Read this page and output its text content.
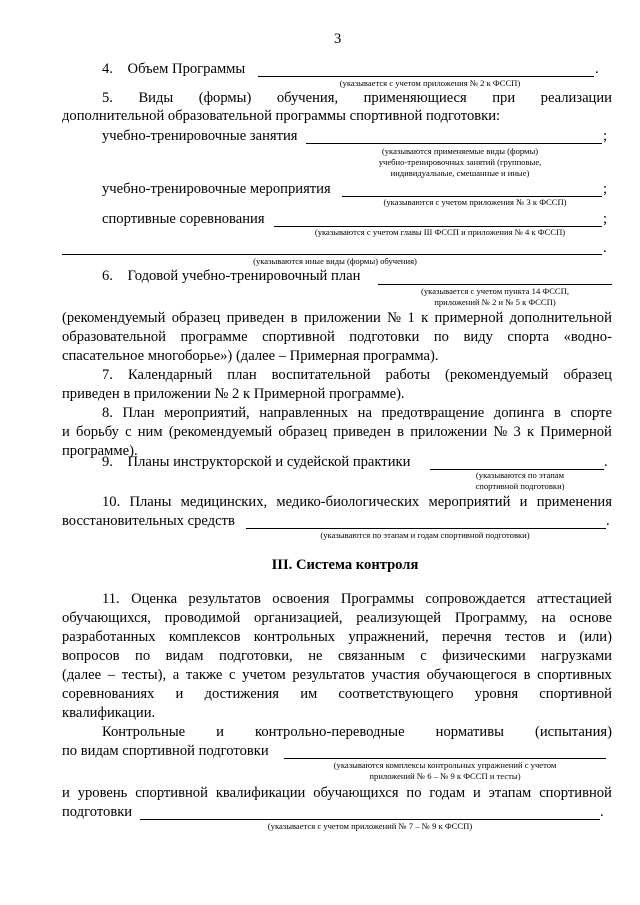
3
4.    Объем Программы	.
(указывается с учетом приложения № 2 к ФССП)
5. Виды (формы) обучения, применяющиеся при реализации
дополнительной образовательной программы спортивной подготовки:
учебно-тренировочные занятия	;
(указываются применяемые виды (формы)
учебно-тренировочных занятий (групповые,
индивидуальные, смешанные и иные)
учебно-тренировочные мероприятия	;
(указываются с учетом приложения № 3 к ФССП)
спортивные соревнования	;
(указываются с учетом главы III ФССП и приложения № 4 к ФССП)
.
(указываются иные виды (формы) обучения)
6.    Годовой учебно-тренировочный план
(указывается с учетом пункта 14 ФССП,
приложений № 2 и № 5 к ФССП)
(рекомендуемый образец приведен в приложении № 1 к примерной дополнительной
образовательной программе спортивной подготовки по виду спорта «водно-
спасательное многоборье») (далее – Примерная программа).
7. Календарный план воспитательной работы (рекомендуемый образец
приведен в приложении № 2 к Примерной программе).
8. План мероприятий, направленных на предотвращение допинга в спорте
и борьбу с ним (рекомендуемый образец приведен в приложении № 3 к Примерной
программе).
9.    Планы инструкторской и судейской практики	.
(указываются по этапам
спортивной подготовки)
10. Планы медицинских, медико-биологических мероприятий и применения
восстановительных средств	.
(указываются по этапам и годам спортивной подготовки)
III. Система контроля
11. Оценка результатов освоения Программы сопровождается аттестацией
обучающихся, проводимой организацией, реализующей Программу, на основе
разработанных комплексов контрольных упражнений, перечня тестов и (или)
вопросов по видам подготовки, не связанным с физическими нагрузками
(далее – тесты), а также с учетом результатов участия обучающегося в спортивных
соревнованиях и достижения им соответствующего уровня спортивной
квалификации.
Контрольные и контрольно-переводные нормативы (испытания)
по видам спортивной подготовки
(указываются комплексы контрольных упражнений с учетом
приложений № 6 – № 9 к ФССП и тесты)
и уровень спортивной квалификации обучающихся по годам и этапам спортивной
подготовки	.
(указывается с учетом приложений № 7 – № 9 к ФССП)
